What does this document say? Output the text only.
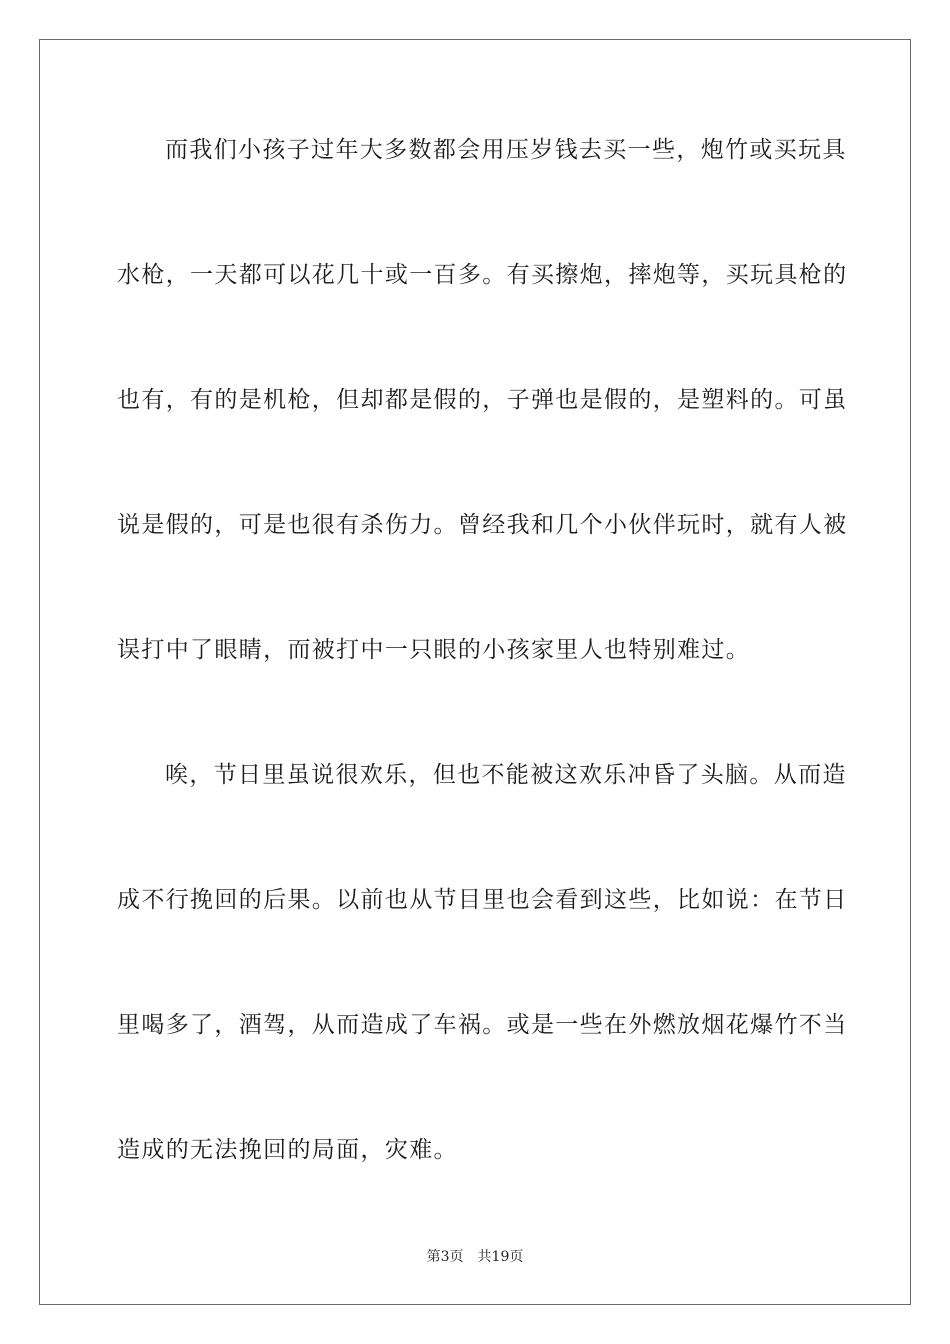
而我们小孩子过年大多数都会用压岁钱去买一些，炮竹或买玩具

水枪，一天都可以花几十或一百多。有买擦炮，摔炮等，买玩具枪的

也有，有的是机枪，但却都是假的，子弹也是假的，是塑料的。可虽

说是假的，可是也很有杀伤力。曾经我和几个小伙伴玩时，就有人被

误打中了眼睛，而被打中一只眼的小孩家里人也特别难过。

唉，节日里虽说很欢乐，但也不能被这欢乐冲昏了头脑。从而造

成不行挽回的后果。以前也从节目里也会看到这些，比如说：在节日

里喝多了，酒驾，从而造成了车祸。或是一些在外燃放烟花爆竹不当

造成的无法挽回的局面，灾难。

第3页 共19页
